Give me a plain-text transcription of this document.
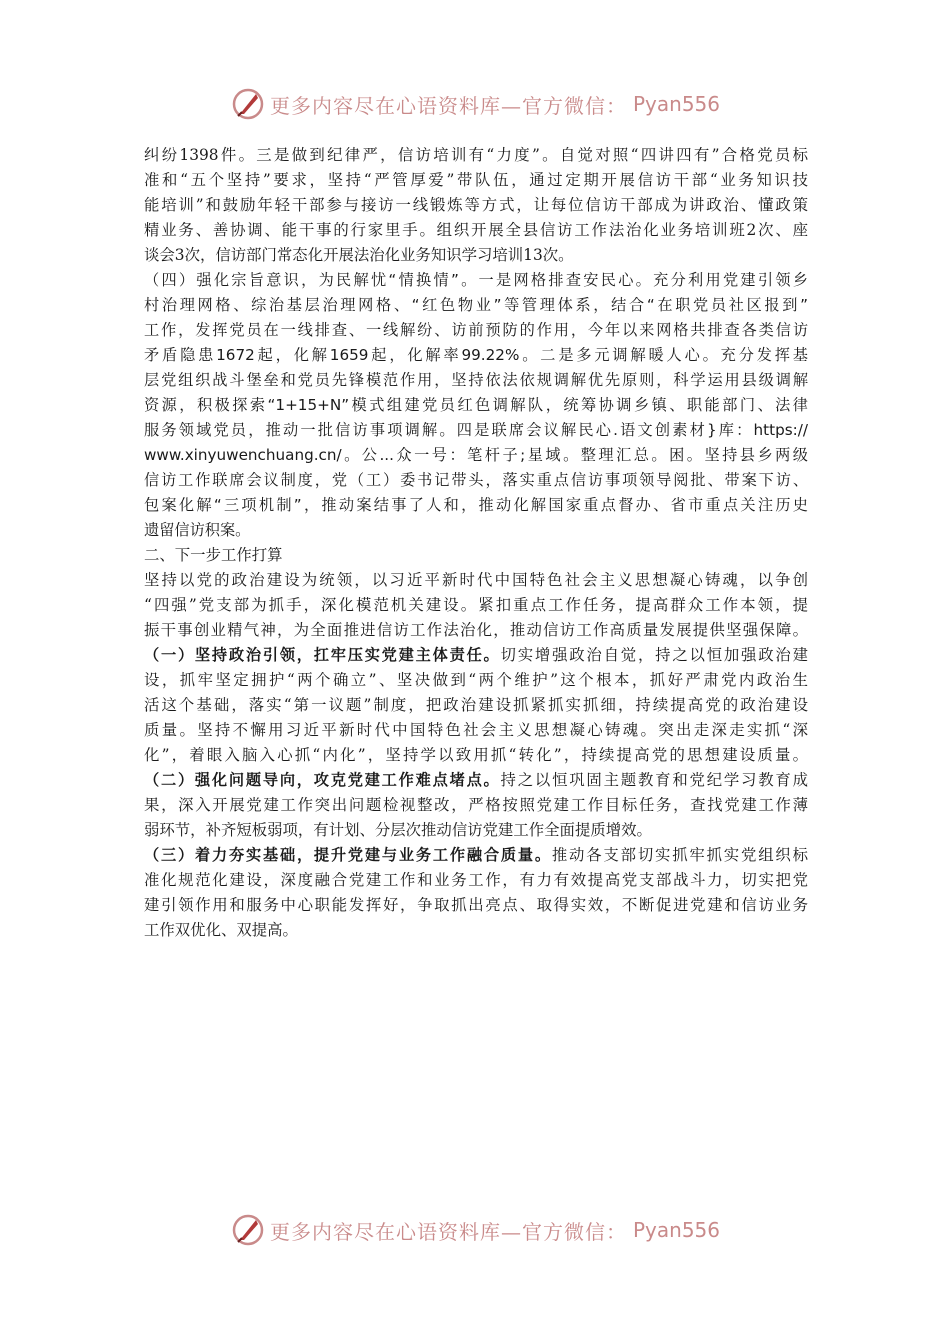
更多内容尽在心语资料库—官方微信： Pyan556
纠纷1398件。三是做到纪律严，信访培训有“力度”。自觉对照“四讲四有”合格党员标
准和“五个坚持”要求，坚持“严管厚爱”带队伍，通过定期开展信访干部“业务知识技
能培训”和鼓励年轻干部参与接访一线锻炼等方式，让每位信访干部成为讲政治、懂政策
精业务、善协调、能干事的行家里手。组织开展全县信访工作法治化业务培训班2次、座
谈会3次，信访部门常态化开展法治化业务知识学习培训13次。
（四）强化宗旨意识，为民解忧“情换情”。一是网格排查安民心。充分利用党建引领乡
村治理网格、综治基层治理网格、“红色物业”等管理体系，结合“在职党员社区报到”
工作，发挥党员在一线排查、一线解纷、访前预防的作用，今年以来网格共排查各类信访
矛盾隐患1672起，化解1659起，化解率99.22%。二是多元调解暖人心。充分发挥基
层党组织战斗堡垒和党员先锋模范作用，坚持依法依规调解优先原则，科学运用县级调解
资源，积极探索“1+15+N”模式组建党员红色调解队，统筹协调乡镇、职能部门、法律
服务领域党员，推动一批信访事项调解。四是联席会议解民心.语文创素材}库：https://
www.xinyuwenchuang.cn/。公...众一号：笔杆子;星域。整理汇总。困。坚持县乡两级
信访工作联席会议制度，党（工）委书记带头，落实重点信访事项领导阅批、带案下访、
包案化解“三项机制”，推动案结事了人和，推动化解国家重点督办、省市重点关注历史
遗留信访积案。
二、下一步工作打算
坚持以党的政治建设为统领，以习近平新时代中国特色社会主义思想凝心铸魂，以争创
“四强”党支部为抓手，深化模范机关建设。紧扣重点工作任务，提高群众工作本领，提
振干事创业精气神，为全面推进信访工作法治化，推动信访工作高质量发展提供坚强保障。
（一）坚持政治引领，扛牢压实党建主体责任。切实增强政治自觉，持之以恒加强政治建
设，抓牢坚定拥护“两个确立”、坚决做到“两个维护”这个根本，抓好严肃党内政治生
活这个基础，落实“第一议题”制度，把政治建设抓紧抓实抓细，持续提高党的政治建设
质量。坚持不懈用习近平新时代中国特色社会主义思想凝心铸魂。突出走深走实抓“深
化”，着眼入脑入心抓“内化”，坚持学以致用抓“转化”，持续提高党的思想建设质量。
（二）强化问题导向，攻克党建工作难点堵点。持之以恒巩固主题教育和党纪学习教育成
果，深入开展党建工作突出问题检视整改，严格按照党建工作目标任务，查找党建工作薄
弱环节，补齐短板弱项，有计划、分层次推动信访党建工作全面提质增效。
（三）着力夯实基础，提升党建与业务工作融合质量。推动各支部切实抓牢抓实党组织标
准化规范化建设，深度融合党建工作和业务工作，有力有效提高党支部战斗力，切实把党
建引领作用和服务中心职能发挥好，争取抓出亮点、取得实效，不断促进党建和信访业务
工作双优化、双提高。
更多内容尽在心语资料库—官方微信： Pyan556
